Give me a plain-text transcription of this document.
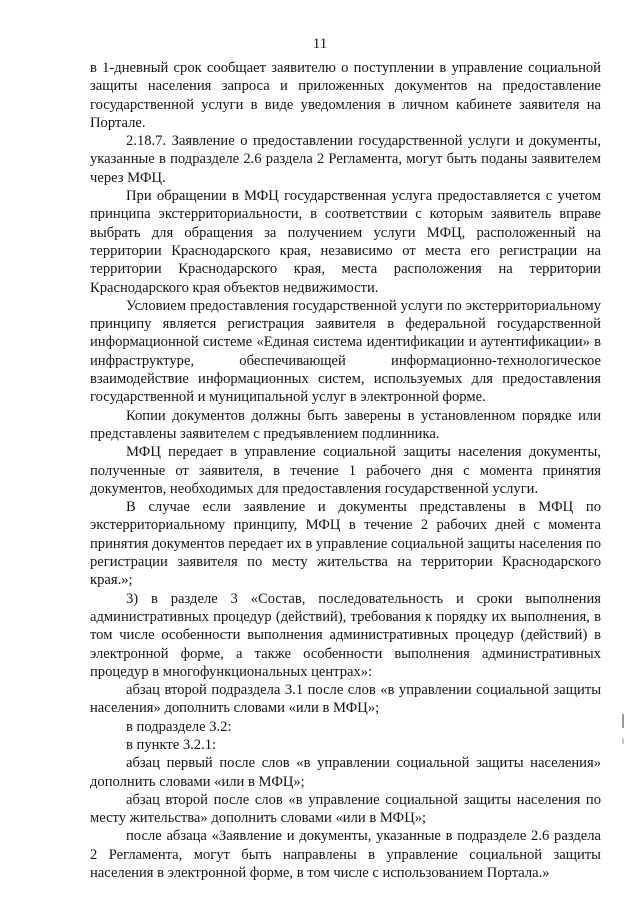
11

в 1-дневный срок сообщает заявителю о поступлении в управление социальной защиты населения запроса и приложенных документов на предоставление государственной услуги в виде уведомления в личном кабинете заявителя на Портале.

2.18.7. Заявление о предоставлении государственной услуги и документы, указанные в подразделе 2.6 раздела 2 Регламента, могут быть поданы заявителем через МФЦ.

При обращении в МФЦ государственная услуга предоставляется с учетом принципа экстерриториальности, в соответствии с которым заявитель вправе выбрать для обращения за получением услуги МФЦ, расположенный на территории Краснодарского края, независимо от места его регистрации на территории Краснодарского края, места расположения на территории Краснодарского края объектов недвижимости.

Условием предоставления государственной услуги по экстерриториальному принципу является регистрация заявителя в федеральной государственной информационной системе «Единая система идентификации и аутентификации» в инфраструктуре, обеспечивающей информационно-технологическое взаимодействие информационных систем, используемых для предоставления государственной и муниципальной услуг в электронной форме.

Копии документов должны быть заверены в установленном порядке или представлены заявителем с предъявлением подлинника.

МФЦ передает в управление социальной защиты населения документы, полученные от заявителя, в течение 1 рабочего дня с момента принятия документов, необходимых для предоставления государственной услуги.

В случае если заявление и документы представлены в МФЦ по экстерриториальному принципу, МФЦ в течение 2 рабочих дней с момента принятия документов передает их в управление социальной защиты населения по регистрации заявителя по месту жительства на территории Краснодарского края.»;

3) в разделе 3 «Состав, последовательность и сроки выполнения административных процедур (действий), требования к порядку их выполнения, в том числе особенности выполнения административных процедур (действий) в электронной форме, а также особенности выполнения административных процедур в многофункциональных центрах»:

абзац второй подраздела 3.1 после слов «в управлении социальной защиты населения» дополнить словами «или в МФЦ»;

в подразделе 3.2:

в пункте 3.2.1:

абзац первый после слов «в управлении социальной защиты населения» дополнить словами «или в МФЦ»;

абзац второй после слов «в управление социальной защиты населения по месту жительства» дополнить словами «или в МФЦ»;

после абзаца «Заявление и документы, указанные в подразделе 2.6 раздела 2 Регламента, могут быть направлены в управление социальной защиты населения в электронной форме, в том числе с использованием Портала.»
